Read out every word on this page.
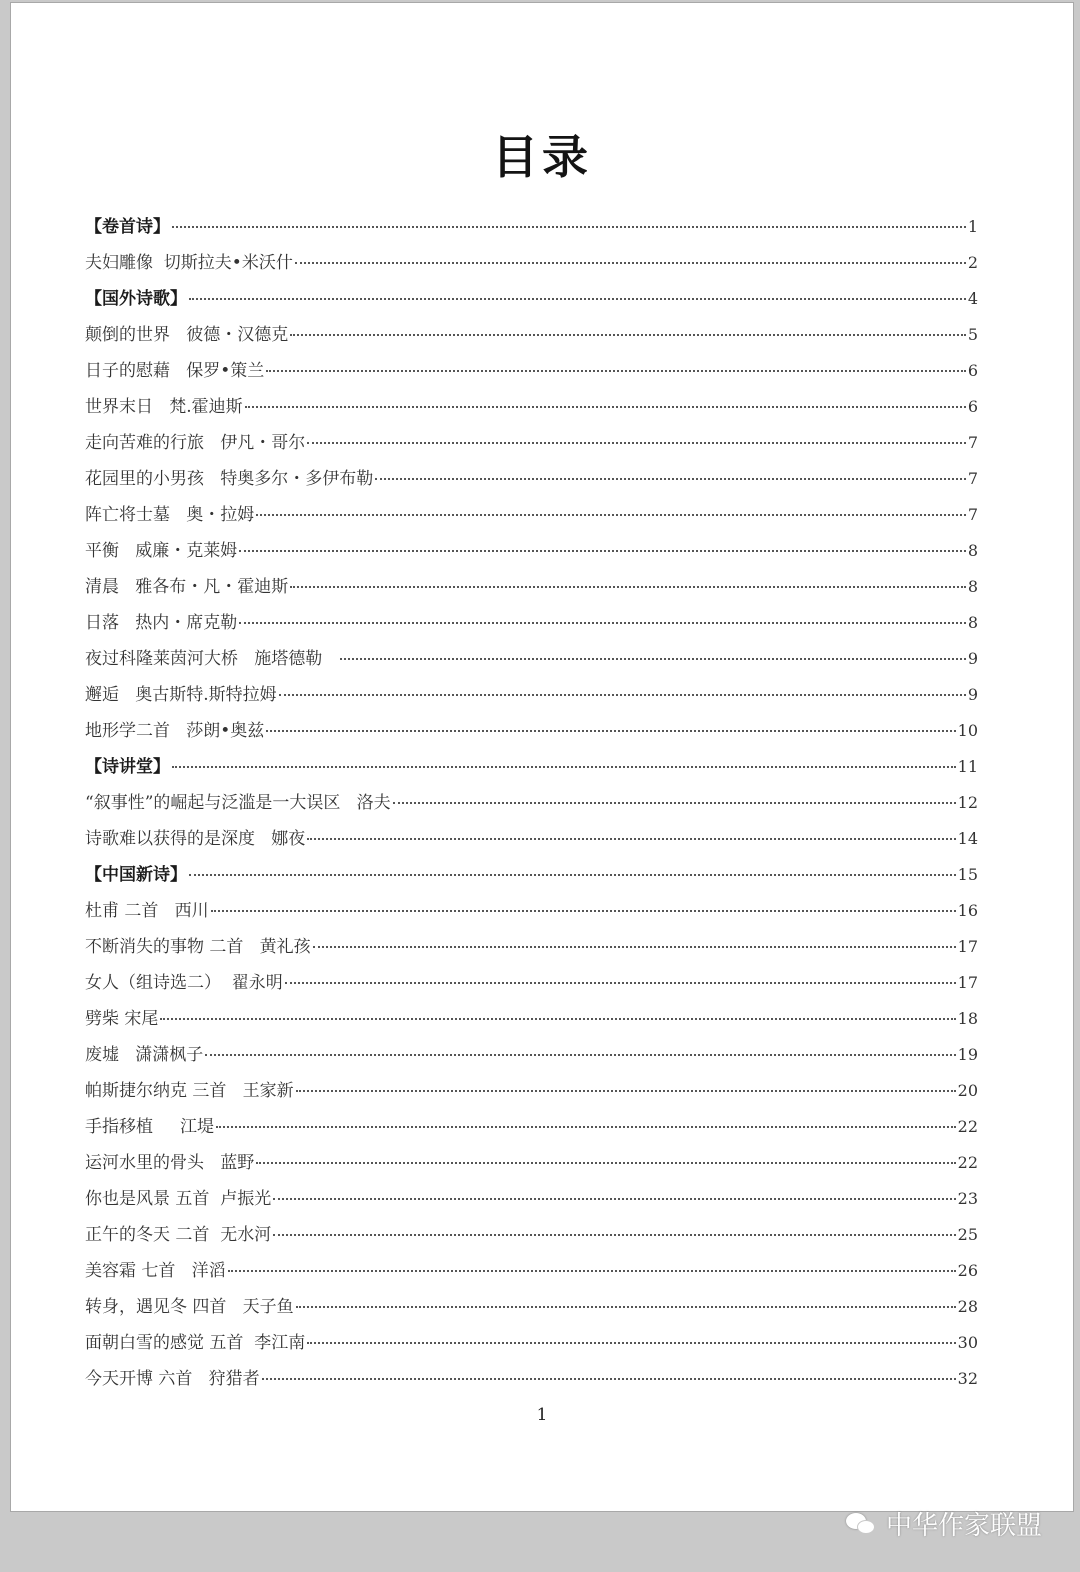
目录
【卷首诗】	1
夫妇雕像  切斯拉夫•米沃什	2
【国外诗歌】	4
颠倒的世界   彼德・汉德克	5
日子的慰藉   保罗•策兰	6
世界末日   梵.霍迪斯	6
走向苦难的行旅   伊凡・哥尔	7
花园里的小男孩   特奥多尔・多伊布勒	7
阵亡将士墓   奥・拉姆	7
平衡   威廉・克莱姆	8
清晨   雅各布・凡・霍迪斯	8
日落   热内・席克勒	8
夜过科隆莱茵河大桥   施塔德勒	9
邂逅   奥古斯特.斯特拉姆	9
地形学二首   莎朗•奥兹	10
【诗讲堂】	11
“叙事性”的崛起与泛滥是一大误区   洛夫	12
诗歌难以获得的是深度   娜夜	14
【中国新诗】	15
杜甫 二首   西川	16
不断消失的事物 二首   黄礼孩	17
女人（组诗选二）  翟永明	17
劈柴 宋尾	18
废墟   潇潇枫子	19
帕斯捷尔纳克 三首   王家新	20
手指移植     江堤	22
运河水里的骨头   蓝野	22
你也是风景 五首  卢振光	23
正午的冬天 二首  无水河	25
美容霜 七首   洋滔	26
转身，遇见冬 四首   天子鱼	28
面朝白雪的感觉 五首  李江南	30
今天开博 六首   狩猎者	32
1
中华作家联盟
